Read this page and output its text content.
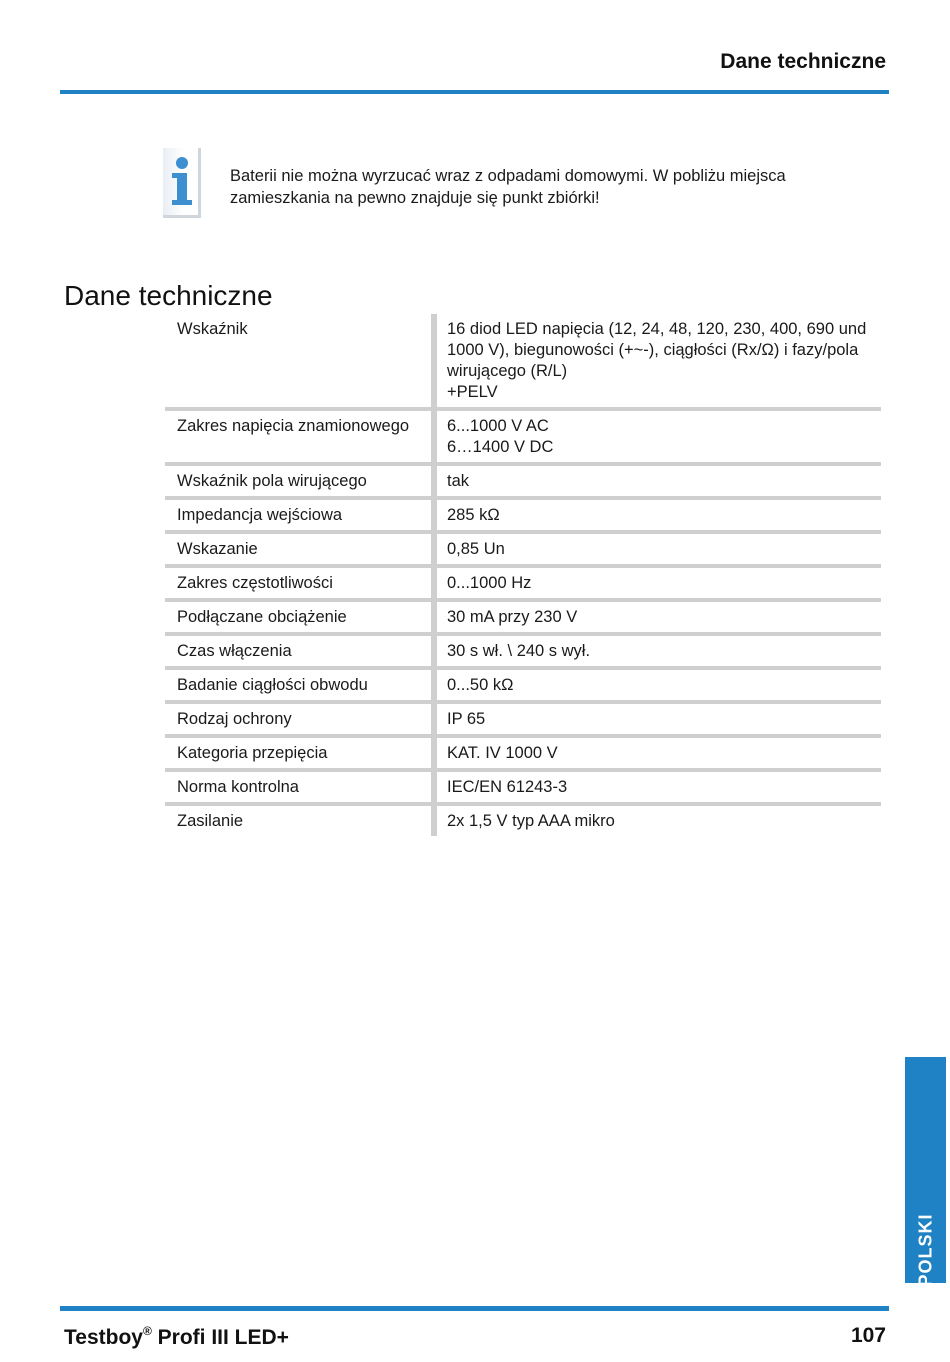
Dane techniczne
Baterii nie można wyrzucać wraz z odpadami domowymi. W pobliżu miejsca zamieszkania na pewno znajduje się punkt zbiórki!
Dane techniczne
Wskaźnik	16 diod LED napięcia (12, 24, 48, 120, 230, 400, 690 und 1000 V), biegunowości (+~-), ciągłości (Rx/Ω) i fazy/pola wirującego (R/L)
+PELV
Zakres napięcia znamionowego	6...1000 V AC
6…1400 V DC
Wskaźnik pola wirującego	tak
Impedancja wejściowa	285 kΩ
Wskazanie	0,85 Un
Zakres częstotliwości	0...1000 Hz
Podłączane obciążenie	30 mA przy 230 V
Czas włączenia	30 s wł. \ 240 s wył.
Badanie ciągłości obwodu	0...50 kΩ
Rodzaj ochrony	IP 65
Kategoria przepięcia	KAT. IV 1000 V
Norma kontrolna	IEC/EN 61243-3
Zasilanie	2x 1,5 V typ AAA mikro
POLSKI
Testboy® Profi III LED+	107
